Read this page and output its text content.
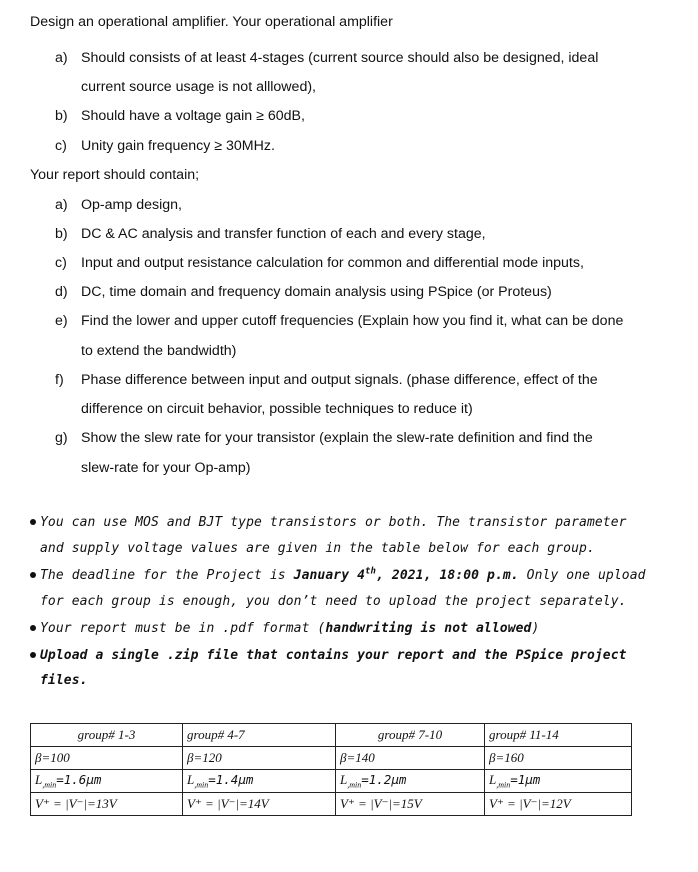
Design an operational amplifier. Your operational amplifier
a) Should consists of at least 4-stages (current source should also be designed, ideal
current source usage is not alllowed),
b) Should have a voltage gain ≥ 60dB,
c) Unity gain frequency ≥ 30MHz.
Your report should contain;
a) Op-amp design,
b) DC & AC analysis and transfer function of each and every stage,
c) Input and output resistance calculation for common and differential mode inputs,
d) DC, time domain and frequency domain analysis using PSpice (or Proteus)
e) Find the lower and upper cutoff frequencies (Explain how you find it, what can be done
to extend the bandwidth)
f) Phase difference between input and output signals. (phase difference, effect of the
difference on circuit behavior, possible techniques to reduce it)
g) Show the slew rate for your transistor (explain the slew-rate definition and find the
slew-rate for your Op-amp)
You can use MOS and BJT type transistors or both. The transistor parameter
and supply voltage values are given in the table below for each group.
The deadline for the Project is January 4th, 2021, 18:00 p.m. Only one upload
for each group is enough, you don’t need to upload the project separately.
Your report must be in .pdf format (handwriting is not allowed)
Upload a single .zip file that contains your report and the PSpice project
files.
group# 1-3	group# 4-7	group# 7-10	group# 11-14
β=100	β=120	β=140	β=160
$L_{,min}=1.6\mu m$	$L_{,min}=1.4\mu m$	$L_{,min}=1.2\mu m$	$L_{,min}=1\mu m$
V⁺ = |V⁻|=13V	V⁺ = |V⁻|=14V	V⁺ = |V⁻|=15V	V⁺ = |V⁻|=12V
